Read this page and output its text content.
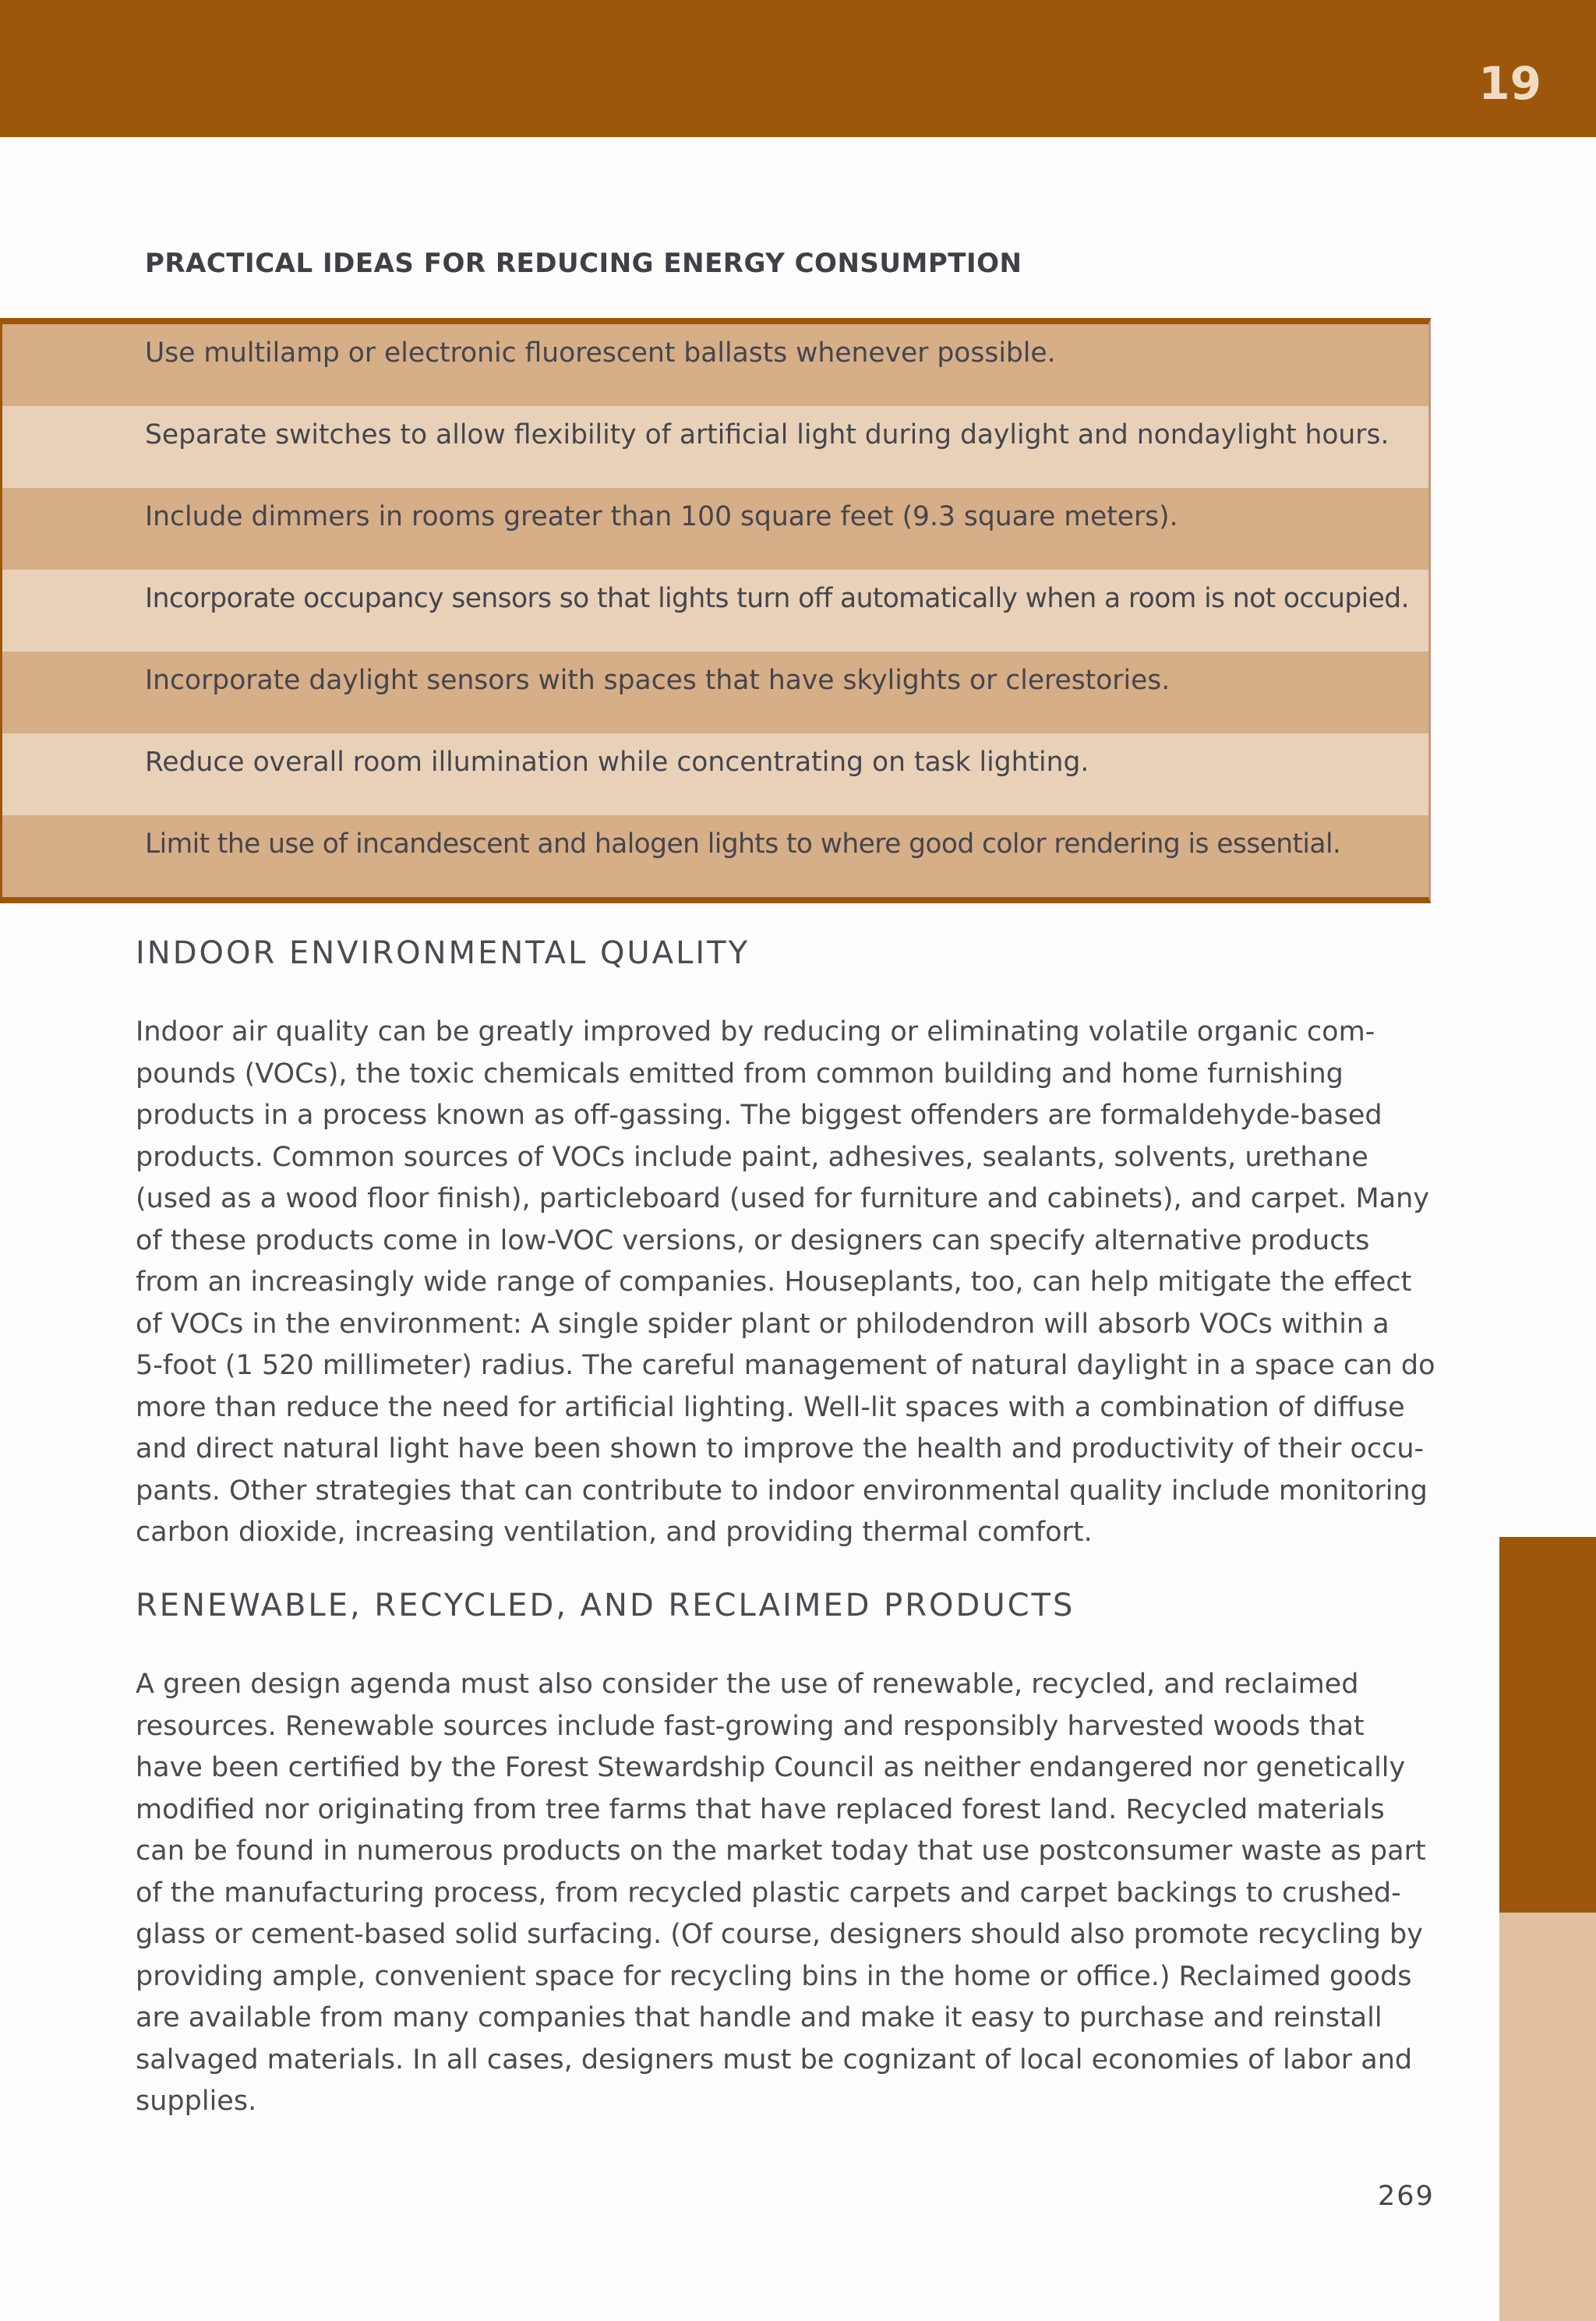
19
PRACTICAL IDEAS FOR REDUCING ENERGY CONSUMPTION
Use multilamp or electronic fluorescent ballasts whenever possible.
Separate switches to allow flexibility of artificial light during daylight and nondaylight hours.
Include dimmers in rooms greater than 100 square feet (9.3 square meters).
Incorporate occupancy sensors so that lights turn off automatically when a room is not occupied.
Incorporate daylight sensors with spaces that have skylights or clerestories.
Reduce overall room illumination while concentrating on task lighting.
Limit the use of incandescent and halogen lights to where good color rendering is essential.
INDOOR ENVIRONMENTAL QUALITY

Indoor air quality can be greatly improved by reducing or eliminating volatile organic com-
pounds (VOCs), the toxic chemicals emitted from common building and home furnishing
products in a process known as off-gassing. The biggest offenders are formaldehyde-based
products. Common sources of VOCs include paint, adhesives, sealants, solvents, urethane
(used as a wood floor finish), particleboard (used for furniture and cabinets), and carpet. Many
of these products come in low-VOC versions, or designers can specify alternative products
from an increasingly wide range of companies. Houseplants, too, can help mitigate the effect
of VOCs in the environment: A single spider plant or philodendron will absorb VOCs within a
5-foot (1 520 millimeter) radius. The careful management of natural daylight in a space can do
more than reduce the need for artificial lighting. Well-lit spaces with a combination of diffuse
and direct natural light have been shown to improve the health and productivity of their occu-
pants. Other strategies that can contribute to indoor environmental quality include monitoring
carbon dioxide, increasing ventilation, and providing thermal comfort.

RENEWABLE, RECYCLED, AND RECLAIMED PRODUCTS

A green design agenda must also consider the use of renewable, recycled, and reclaimed
resources. Renewable sources include fast-growing and responsibly harvested woods that
have been certified by the Forest Stewardship Council as neither endangered nor genetically
modified nor originating from tree farms that have replaced forest land. Recycled materials
can be found in numerous products on the market today that use postconsumer waste as part
of the manufacturing process, from recycled plastic carpets and carpet backings to crushed-
glass or cement-based solid surfacing. (Of course, designers should also promote recycling by
providing ample, convenient space for recycling bins in the home or office.) Reclaimed goods
are available from many companies that handle and make it easy to purchase and reinstall
salvaged materials. In all cases, designers must be cognizant of local economies of labor and
supplies.

269
